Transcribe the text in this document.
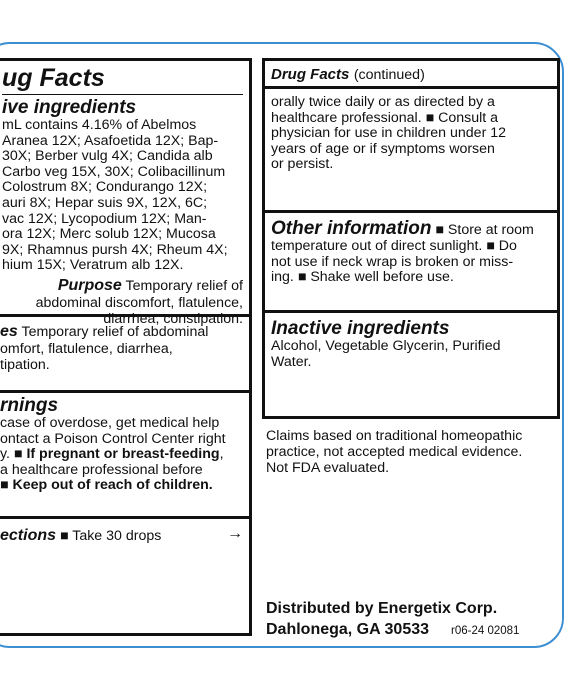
ug Facts
ive ingredients
mL contains 4.16% of Abelmos
Aranea 12X; Asafoetida 12X; Bap-
30X; Berber vulg 4X; Candida alb
Carbo veg 15X, 30X; Colibacillinum
Colostrum 8X; Condurango 12X;
auri 8X; Hepar suis 9X, 12X, 6C;
vac 12X; Lycopodium 12X; Man-
ora 12X; Merc solub 12X; Mucosa
9X; Rhamnus pursh 4X; Rheum 4X;
hium 15X; Veratrum alb 12X.
Purpose Temporary relief of
abdominal discomfort, flatulence,
diarrhea, constipation.
es Temporary relief of abdominal
omfort, flatulence, diarrhea,
tipation.
rnings
case of overdose, get medical help
ontact a Poison Control Center right
y. ■ If pregnant or breast-feeding,
a healthcare professional before
■ Keep out of reach of children.
ections ■ Take 30 drops	→
Drug Facts (continued)
orally twice daily or as directed by a
healthcare professional. ■ Consult a
physician for use in children under 12
years of age or if symptoms worsen
or persist.
Other information ■ Store at room
temperature out of direct sunlight. ■ Do
not use if neck wrap is broken or miss-
ing. ■ Shake well before use.
Inactive ingredients
Alcohol, Vegetable Glycerin, Purified
Water.
Claims based on traditional homeopathic
practice, not accepted medical evidence.
Not FDA evaluated.
Distributed by Energetix Corp.
Dahlonega, GA 30533 r06-24 02081
